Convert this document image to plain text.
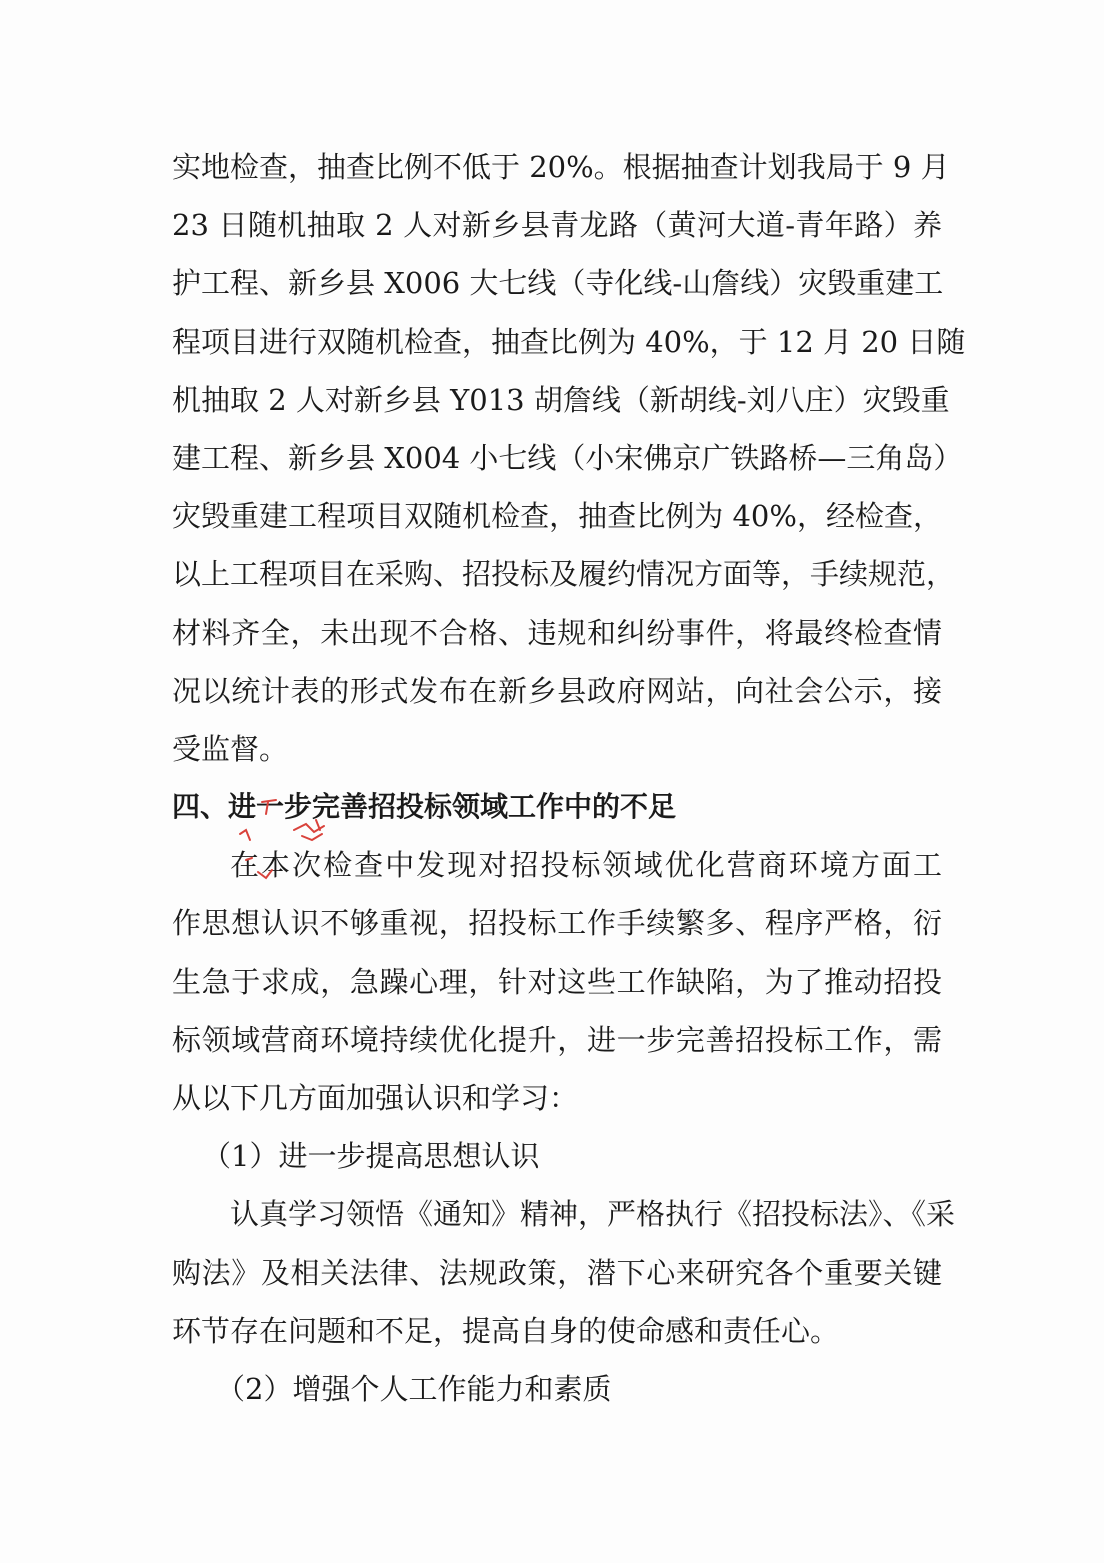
实地检查，抽查比例不低于 20%。根据抽查计划我局于 9 月
23 日随机抽取 2 人对新乡县青龙路（黄河大道-青年路）养
护工程、新乡县 X006 大七线（寺化线-山詹线）灾毁重建工
程项目进行双随机检查，抽查比例为 40%，于 12 月 20 日随
机抽取 2 人对新乡县 Y013 胡詹线（新胡线-刘八庄）灾毁重
建工程、新乡县 X004 小七线（小宋佛京广铁路桥—三角岛）
灾毁重建工程项目双随机检查，抽查比例为 40%，经检查，
以上工程项目在采购、招投标及履约情况方面等，手续规范，
材料齐全，未出现不合格、违规和纠纷事件，将最终检查情
况以统计表的形式发布在新乡县政府网站，向社会公示，接
受监督。
四、进一步完善招投标领域工作中的不足
在本次检查中发现对招投标领域优化营商环境方面工
作思想认识不够重视，招投标工作手续繁多、程序严格，衍
生急于求成，急躁心理，针对这些工作缺陷，为了推动招投
标领域营商环境持续优化提升，进一步完善招投标工作，需
从以下几方面加强认识和学习：
（1）进一步提高思想认识
认真学习领悟《通知》精神，严格执行《招投标法》、《采
购法》及相关法律、法规政策，潜下心来研究各个重要关键
环节存在问题和不足，提高自身的使命感和责任心。
（2）增强个人工作能力和素质
